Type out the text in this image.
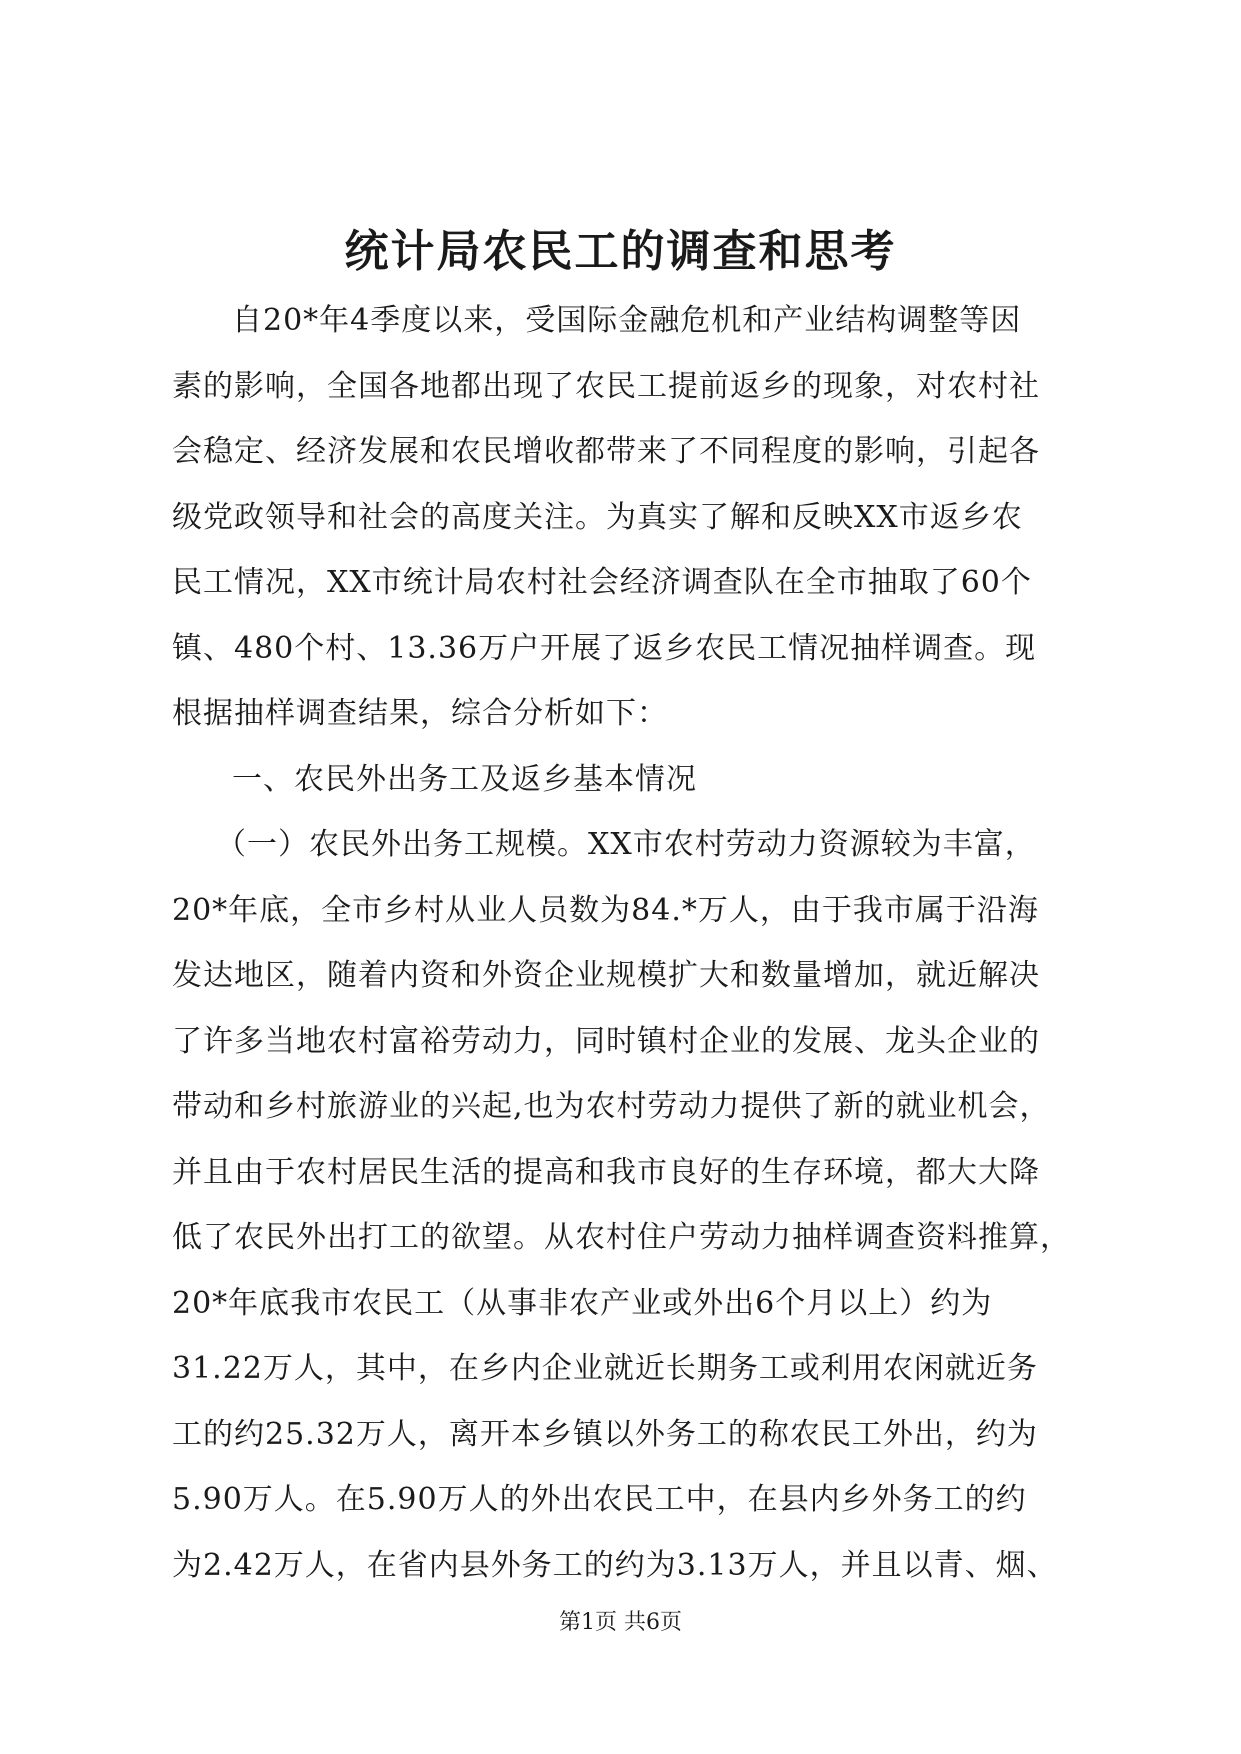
统计局农民工的调查和思考
自20*年4季度以来，受国际金融危机和产业结构调整等因
素的影响，全国各地都出现了农民工提前返乡的现象，对农村社
会稳定、经济发展和农民增收都带来了不同程度的影响，引起各
级党政领导和社会的高度关注。为真实了解和反映XX市返乡农
民工情况，XX市统计局农村社会经济调查队在全市抽取了60个
镇、480个村、13.36万户开展了返乡农民工情况抽样调查。现
根据抽样调查结果，综合分析如下：
一、农民外出务工及返乡基本情况
（一）农民外出务工规模。XX市农村劳动力资源较为丰富，
20*年底，全市乡村从业人员数为84.*万人，由于我市属于沿海
发达地区，随着内资和外资企业规模扩大和数量增加，就近解决
了许多当地农村富裕劳动力，同时镇村企业的发展、龙头企业的
带动和乡村旅游业的兴起,也为农村劳动力提供了新的就业机会，
并且由于农村居民生活的提高和我市良好的生存环境，都大大降
低了农民外出打工的欲望。从农村住户劳动力抽样调查资料推算，
20*年底我市农民工（从事非农产业或外出6个月以上）约为
31.22万人，其中，在乡内企业就近长期务工或利用农闲就近务
工的约25.32万人，离开本乡镇以外务工的称农民工外出，约为
5.90万人。在5.90万人的外出农民工中，在县内乡外务工的约
为2.42万人，在省内县外务工的约为3.13万人，并且以青、烟、
第1页 共6页
